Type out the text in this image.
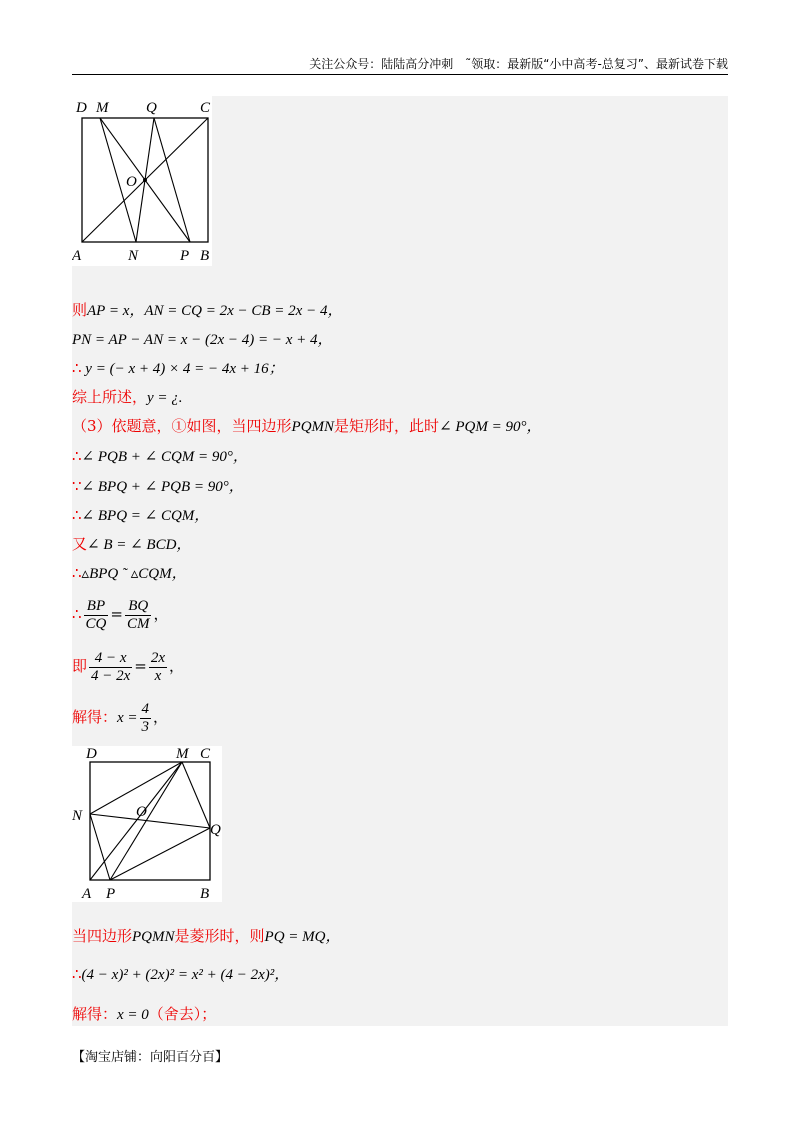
关注公众号：陆陆高分冲刺　˜领取：最新版“小中高考-总复习”、最新试卷下载
D M	Q	C
O
A	N	P B
则AP = x，AN = CQ = 2x − CB = 2x − 4，
PN = AP − AN = x − (2x − 4) = − x + 4，
∴ y = (− x + 4) × 4 = − 4x + 16；
综上所述，y = ¿.
（3）依题意，①如图，当四边形PQMN是矩形时，此时∠ PQM = 90°，
∴∠ PQB + ∠ CQM = 90°，
∵∠ BPQ + ∠ PQB = 90°，
∴∠ BPQ = ∠ CQM，
又∠ B = ∠ BCD，
∴▵BPQ ˜ ▵CQM，
∴ $\frac{BP}{CQ} = \frac{BQ}{CM}$ ，
即 $\frac{4 - x}{4 - 2x} = \frac{2x}{x}$ ，
解得：$x = \frac{4}{3}$ ，
D	M C
N	O
Q
A P	B
当四边形PQMN是菱形时，则PQ = MQ，
∴(4 − x)² + (2x)² = x² + (4 − 2x)²，
解得：x = 0（舍去）；
【淘宝店铺：向阳百分百】
